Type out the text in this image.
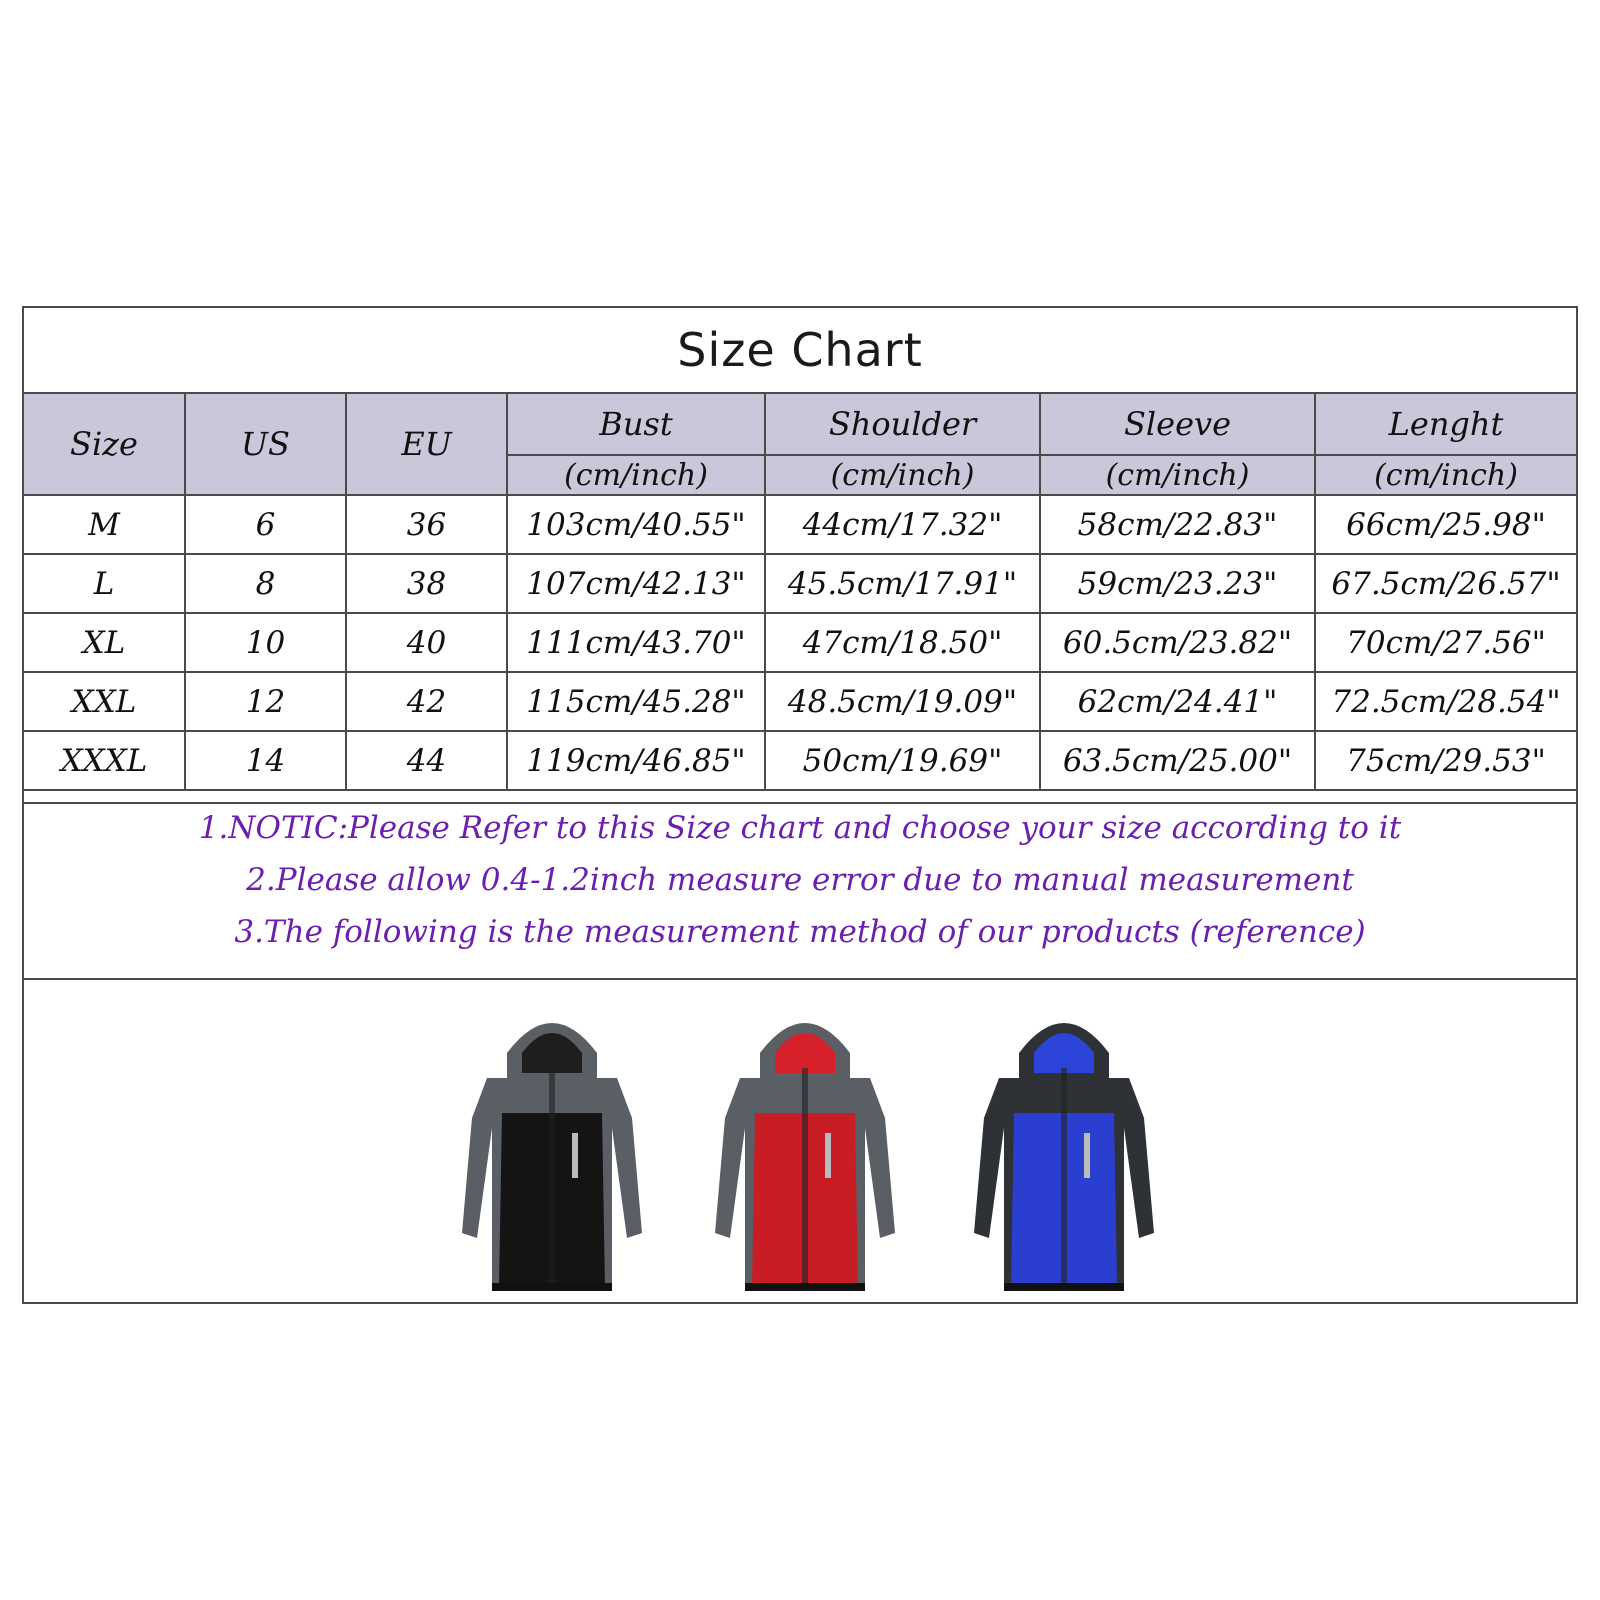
Size Chart
Size	US	EU	Bust	Shoulder	Sleeve	Lenght
			(cm/inch)	(cm/inch)	(cm/inch)	(cm/inch)
M	6	36	103cm/40.55"	44cm/17.32"	58cm/22.83"	66cm/25.98"
L	8	38	107cm/42.13"	45.5cm/17.91"	59cm/23.23"	67.5cm/26.57"
XL	10	40	111cm/43.70"	47cm/18.50"	60.5cm/23.82"	70cm/27.56"
XXL	12	42	115cm/45.28"	48.5cm/19.09"	62cm/24.41"	72.5cm/28.54"
XXXL	14	44	119cm/46.85"	50cm/19.69"	63.5cm/25.00"	75cm/29.53"
1.NOTIC:Please Refer to this Size chart and choose your size according to it
2.Please allow 0.4-1.2inch measure error due to manual measurement
3.The following is the measurement method of our products (reference)
